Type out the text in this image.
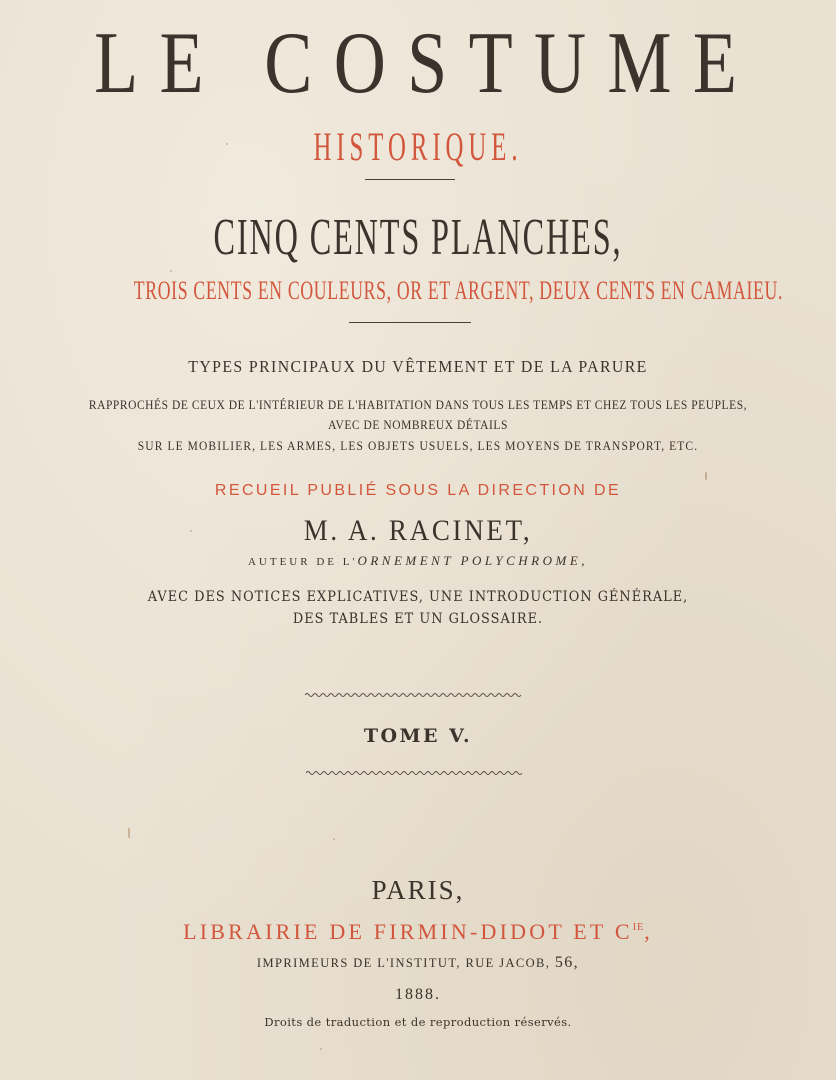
LE COSTUME
HISTORIQUE.
CINQ CENTS PLANCHES,
TROIS CENTS EN COULEURS, OR ET ARGENT, DEUX CENTS EN CAMAIEU.
TYPES PRINCIPAUX DU VÊTEMENT ET DE LA PARURE
RAPPROCHÉS DE CEUX DE L'INTÉRIEUR DE L'HABITATION DANS TOUS LES TEMPS ET CHEZ TOUS LES PEUPLES,
AVEC DE NOMBREUX DÉTAILS
SUR LE MOBILIER, LES ARMES, LES OBJETS USUELS, LES MOYENS DE TRANSPORT, ETC.
RECUEIL PUBLIÉ SOUS LA DIRECTION DE
M. A. RACINET,
AUTEUR DE L'ORNEMENT POLYCHROME,
AVEC DES NOTICES EXPLICATIVES, UNE INTRODUCTION GÉNÉRALE,
DES TABLES ET UN GLOSSAIRE.
TOME V.
PARIS,
LIBRAIRIE DE FIRMIN-DIDOT ET $C^{IE}$,
IMPRIMEURS DE L'INSTITUT, RUE JACOB, 56,
1888.
Droits de traduction et de reproduction réservés.
